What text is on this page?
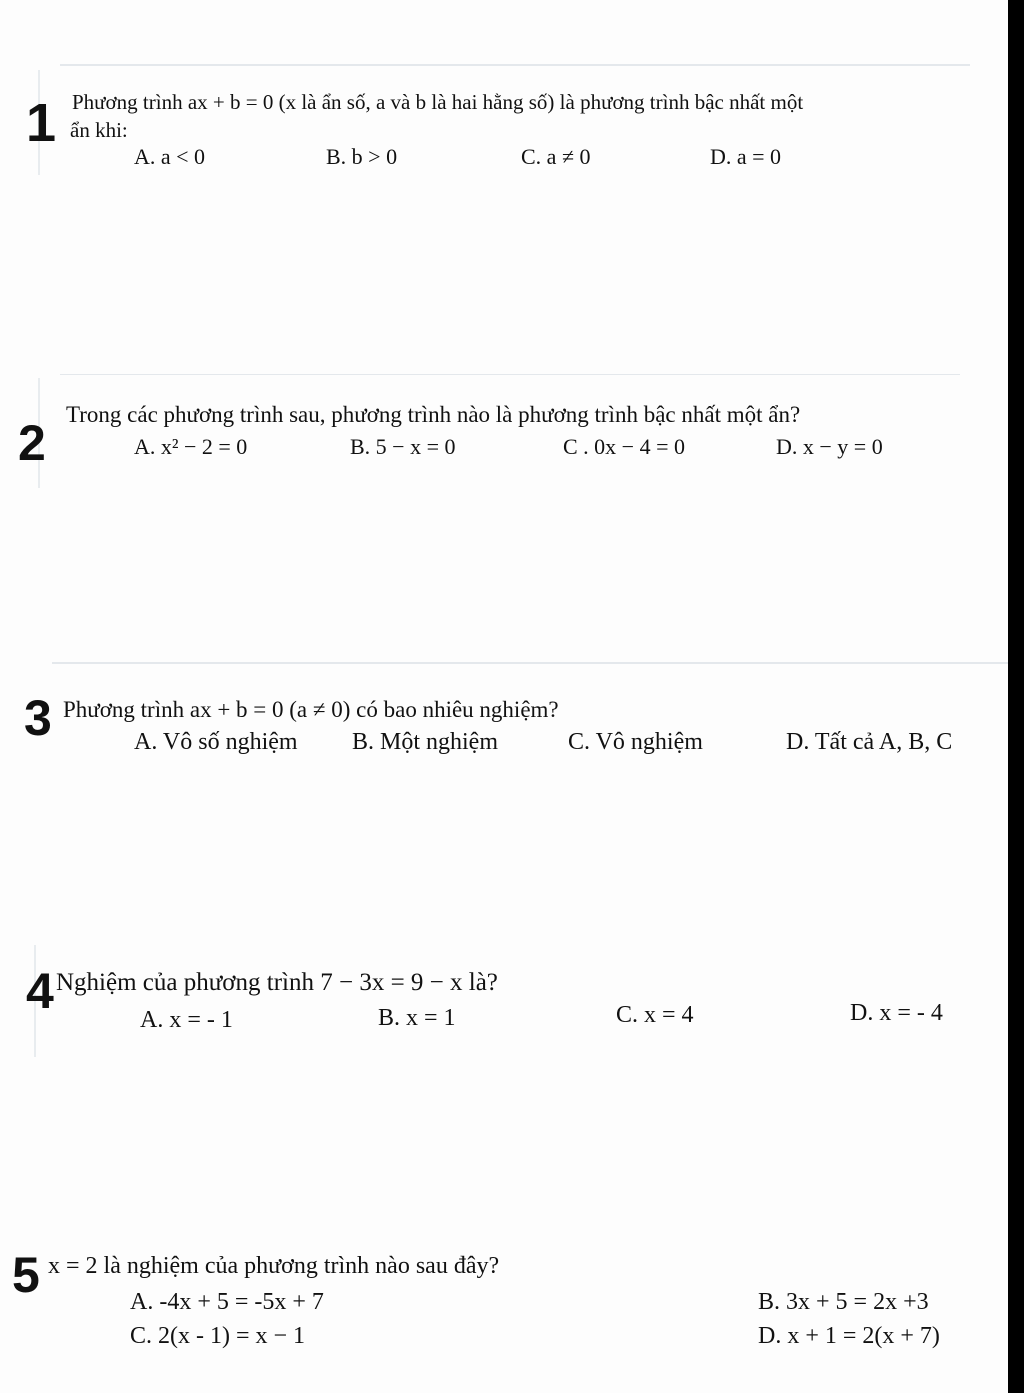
1 Phương trình ax + b = 0 (x là ẩn số, a và b là hai hằng số) là phương trình bậc nhất một
ẩn khi:
A. a < 0	B. b > 0	C. a ≠ 0	D. a = 0
2
Trong các phương trình sau, phương trình nào là phương trình bậc nhất một ẩn?
A. x² − 2 = 0	B. 5 − x = 0	C . 0x − 4 = 0	D. x − y = 0
3 Phương trình ax + b = 0 (a ≠ 0) có bao nhiêu nghiệm?
A. Vô số nghiệm B. Một nghiệm	C. Vô nghiệm	D. Tất cả A, B, C
4 Nghiệm của phương trình 7 − 3x = 9 − x là?
A. x = - 1	B. x = 1	C. x = 4	D. x = - 4
5 x = 2 là nghiệm của phương trình nào sau đây?
A. -4x + 5 = -5x + 7	B. 3x + 5 = 2x +3
C. 2(x - 1) = x − 1	D. x + 1 = 2(x + 7)
